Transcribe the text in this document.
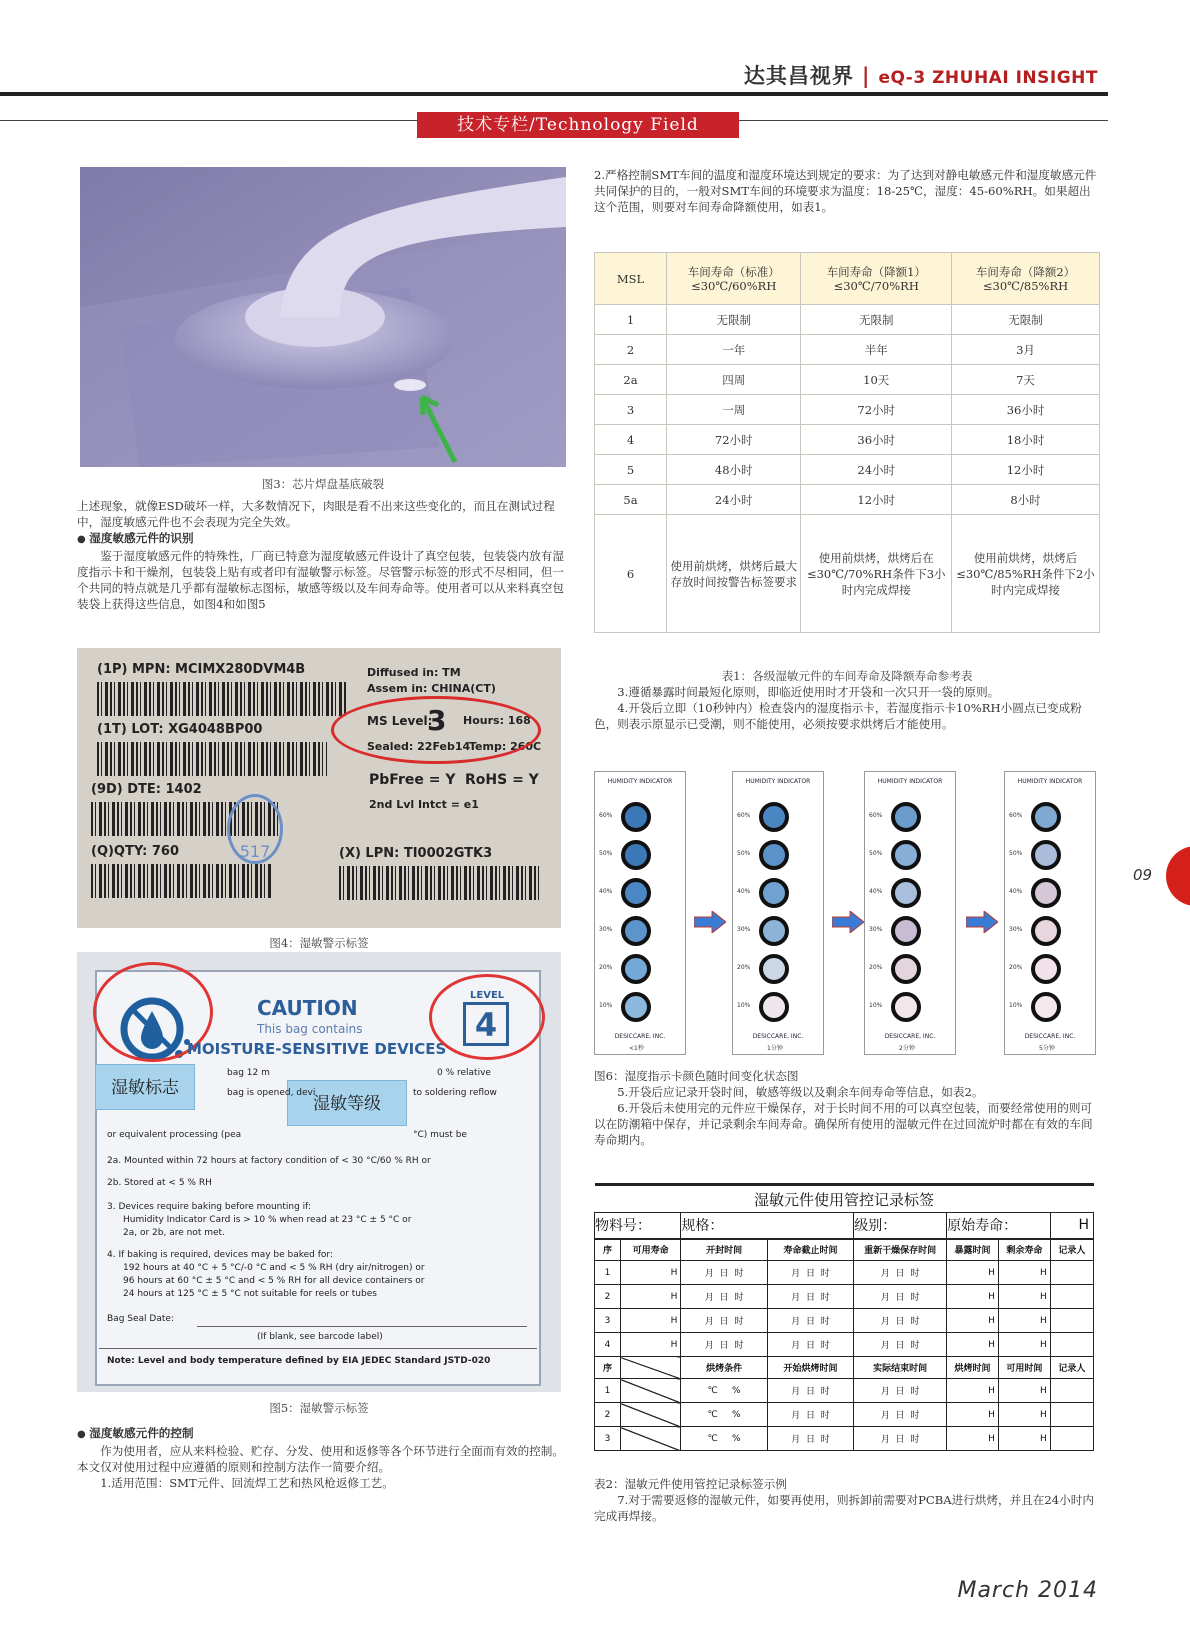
达其昌视界 | eQ-3 ZHUHAI INSIGHT
技术专栏/Technology Field
图3：芯片焊盘基底破裂

上述现象，就像ESD破坏一样，大多数情况下，肉眼是看不出来这些变化的，而且在测试过程中，湿度敏感元件也不会表现为完全失效。

● 湿度敏感元件的识别

鉴于湿度敏感元件的特殊性，厂商已特意为湿度敏感元件设计了真空包装，包装袋内放有湿度指示卡和干燥剂，包装袋上贴有或者印有湿敏警示标签。尽管警示标签的形式不尽相同，但一个共同的特点就是几乎都有湿敏标志图标，敏感等级以及车间寿命等。使用者可以从来料真空包装袋上获得这些信息，如图4和如图5

(1P) MPN: MCIMX280DVM4B
(1T) LOT: XG4048BP00
(9D) DTE: 1402
(Q)QTY: 760
Diffused in: TM
Assem in: CHINA(CT)
MS Level:
3 Hours: 168
Sealed: 22Feb14
Temp: 260C
PbFree = Y RoHS = Y
2nd Lvl Intct = e1
517	(X) LPN: TI0002GTK3
图4：湿敏警示标签
CAUTION
This bag contains
MOISTURE-SENSITIVE DEVICES
LEVEL
4
湿敏标志
湿敏等级
bag 12 m	0 % relative
bag is opened, devi	to soldering reflow
or equivalent processing (pea	°C) must be
2a. Mounted within 72 hours at factory condition of < 30 °C/60 % RH or
2b. Stored at < 5 % RH
3. Devices require baking before mounting if:
Humidity Indicator Card is > 10 % when read at 23 °C ± 5 °C or
2a, or 2b, are not met.
4. If baking is required, devices may be baked for:
192 hours at 40 °C + 5 °C/-0 °C and < 5 % RH (dry air/nitrogen) or
96 hours at 60 °C ± 5 °C and < 5 % RH for all device containers or
24 hours at 125 °C ± 5 °C not suitable for reels or tubes
Bag Seal Date:
(If blank, see barcode label)
Note: Level and body temperature defined by EIA JEDEC Standard JSTD-020
图5：湿敏警示标签

● 湿度敏感元件的控制

作为使用者，应从来料检验、贮存、分发、使用和返修等各个环节进行全面而有效的控制。本文仅对使用过程中应遵循的原则和控制方法作一简要介绍。

1.适用范围：SMT元件、回流焊工艺和热风枪返修工艺。

2.严格控制SMT车间的温度和湿度环境达到规定的要求：为了达到对静电敏感元件和湿度敏感元件共同保护的目的，一般对SMT车间的环境要求为温度：18-25℃，湿度：45-60%RH。如果超出这个范围，则要对车间寿命降额使用，如表1。

MSL	车间寿命（标准）≤30℃/60%RH	车间寿命（降额1）≤30℃/70%RH	车间寿命（降额2）≤30℃/85%RH
1	无限制	无限制	无限制
2	一年	半年	3月
2a	四周	10天	7天
3	一周	72小时	36小时
4	72小时	36小时	18小时
5	48小时	24小时	12小时
5a	24小时	12小时	8小时
6	使用前烘烤，烘烤后最大存放时间按警告标签要求	使用前烘烤，烘烤后在≤30℃/70%RH条件下3小时内完成焊接	使用前烘烤，烘烤后≤30℃/85%RH条件下2小时内完成焊接

表1：各级湿敏元件的车间寿命及降额寿命参考表

3.遵循暴露时间最短化原则，即临近使用时才开袋和一次只开一袋的原则。

4.开袋后立即（10秒钟内）检查袋内的湿度指示卡，若湿度指示卡10%RH小圆点已变成粉色，则表示原显示已受潮，则不能使用，必须按要求烘烤后才能使用。

HUMIDITY INDICATOR
60%
50%
40%
30%
20%
10%
DESICCARE, INC.
<1秒
HUMIDITY INDICATOR
60%
50%
40%
30%
20%
10%
DESICCARE, INC.
1分钟
HUMIDITY INDICATOR
60%
50%
40%
30%
20%
10%
DESICCARE, INC.
2分钟
HUMIDITY INDICATOR
60%
50%
40%
30%
20%
10%
DESICCARE, INC.
5分钟

图6：湿度指示卡颜色随时间变化状态图

5.开袋后应记录开袋时间，敏感等级以及剩余车间寿命等信息，如表2。

6.开袋后未使用完的元件应干燥保存，对于长时间不用的可以真空包装，而要经常使用的则可以在防潮箱中保存，并记录剩余车间寿命。确保所有使用的湿敏元件在过回流炉时都在有效的车间寿命期内。

湿敏元件使用管控记录标签							
物料号：		规格：		级别：	原始寿命：		H
序	可用寿命	开封时间	寿命截止时间	重新干燥保存时间	暴露时间	剩余寿命	记录人
1	H	月 日 时	月 日 时	月 日 时	H	H	
2	H	月 日 时	月 日 时	月 日 时	H	H	
3	H	月 日 时	月 日 时	月 日 时	H	H	
4	H	月 日 时	月 日 时	月 日 时	H	H	
序		烘烤条件	开始烘烤时间	实际结束时间	烘烤时间	可用时间	记录人
1		℃ %	月 日 时	月 日 时	H	H	
2		℃ %	月 日 时	月 日 时	H	H	
3		℃ %	月 日 时	月 日 时	H	H	

表2：湿敏元件使用管控记录标签示例

7.对于需要返修的湿敏元件，如要再使用，则拆卸前需要对PCBA进行烘烤，并且在24小时内完成再焊接。

09
March 2014
